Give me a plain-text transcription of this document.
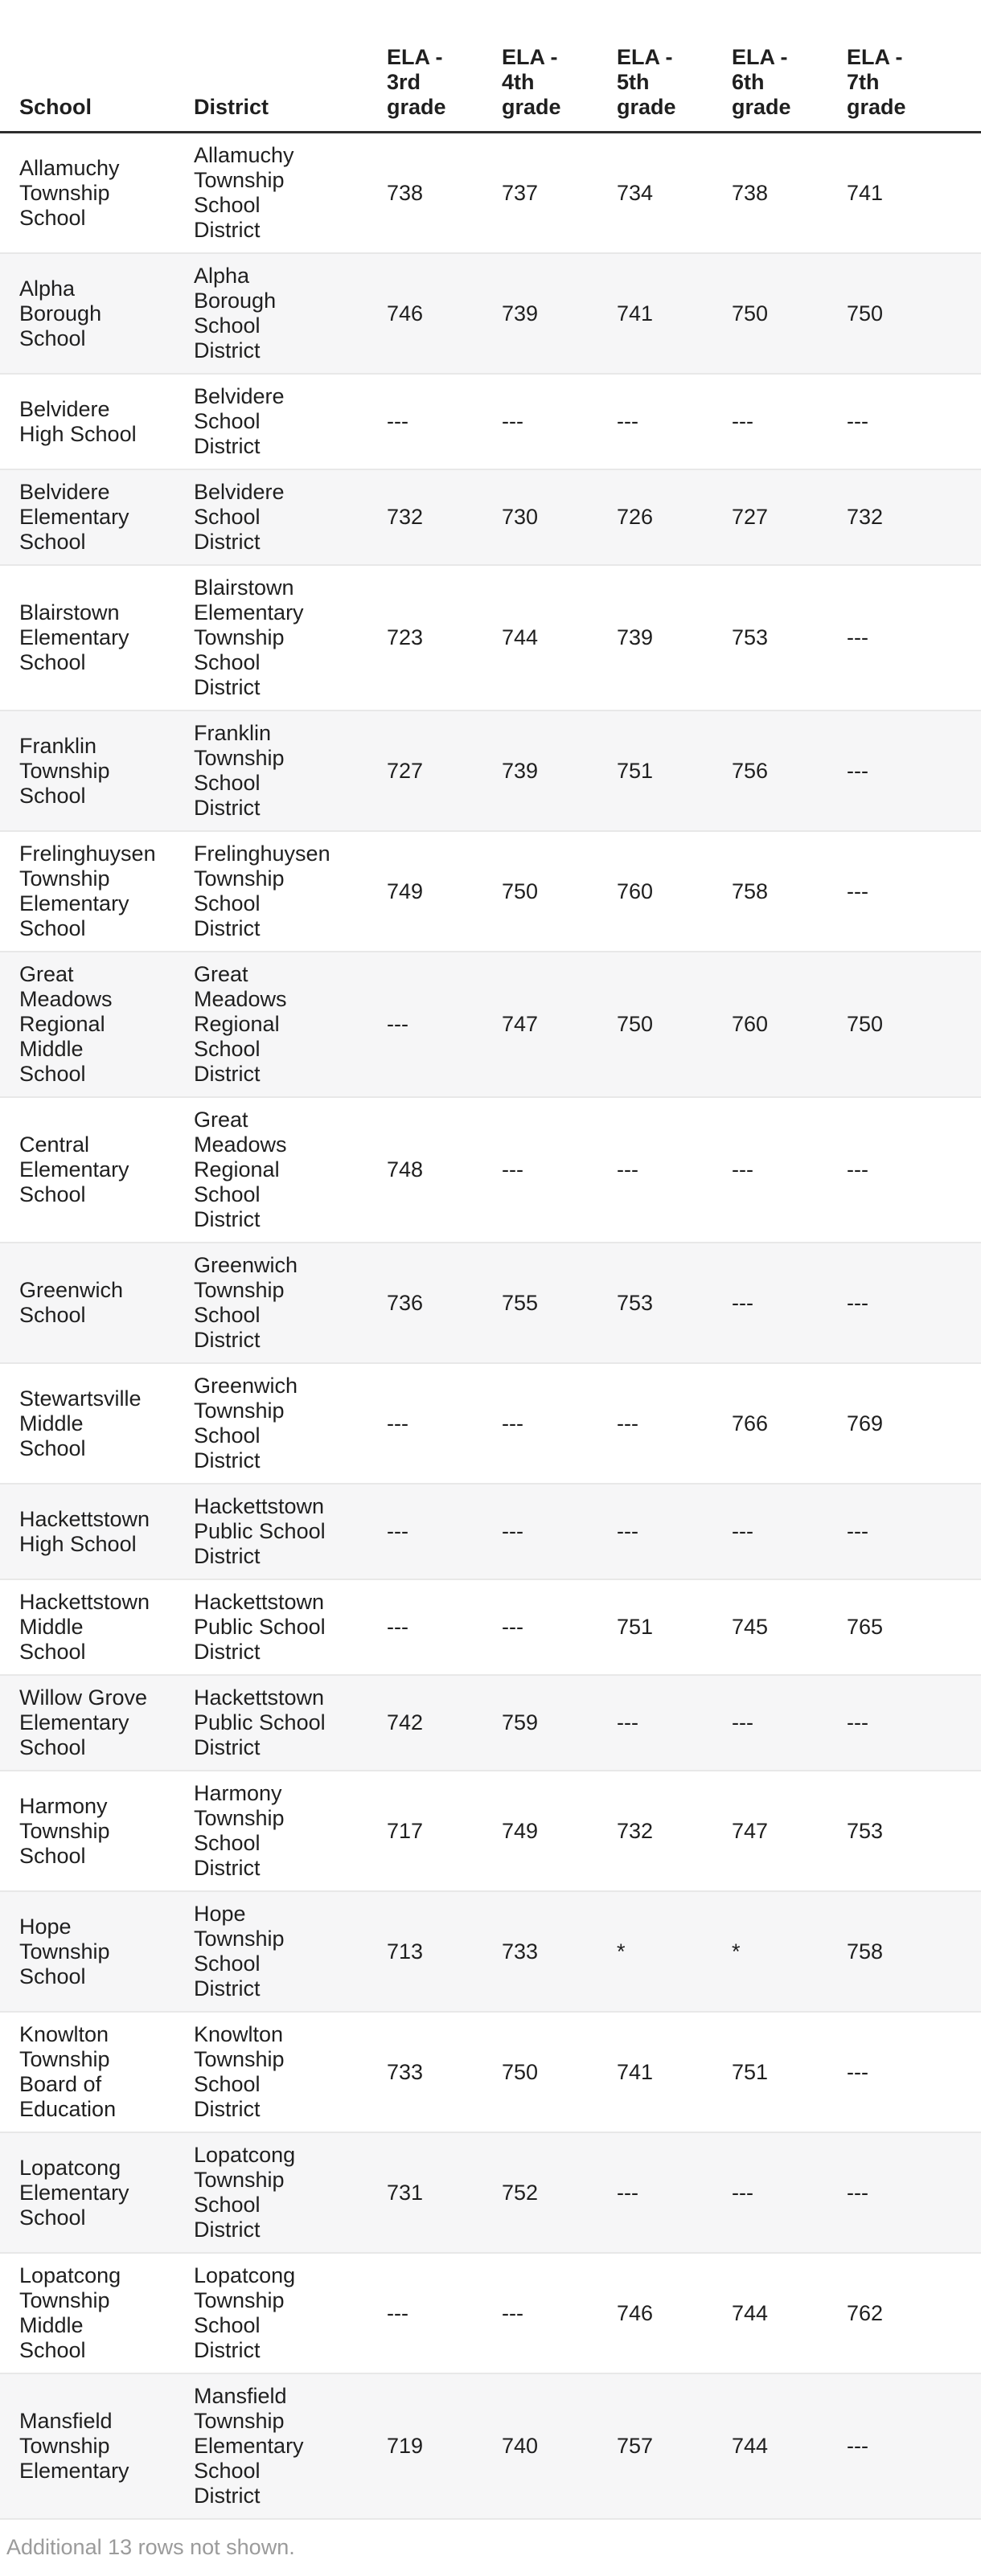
School	District	ELA - 3rd grade	ELA - 4th grade	ELA - 5th grade	ELA - 6th grade	ELA - 7th grade
Allamuchy Township School	Allamuchy Township School District	738	737	734	738	741
Alpha Borough School	Alpha Borough School District	746	739	741	750	750
Belvidere High School	Belvidere School District	---	---	---	---	---
Belvidere Elementary School	Belvidere School District	732	730	726	727	732
Blairstown Elementary School	Blairstown Elementary Township School District	723	744	739	753	---
Franklin Township School	Franklin Township School District	727	739	751	756	---
Frelinghuysen Township Elementary School	Frelinghuysen Township School District	749	750	760	758	---
Great Meadows Regional Middle School	Great Meadows Regional School District	---	747	750	760	750
Central Elementary School	Great Meadows Regional School District	748	---	---	---	---
Greenwich School	Greenwich Township School District	736	755	753	---	---
Stewartsville Middle School	Greenwich Township School District	---	---	---	766	769
Hackettstown High School	Hackettstown Public School District	---	---	---	---	---
Hackettstown Middle School	Hackettstown Public School District	---	---	751	745	765
Willow Grove Elementary School	Hackettstown Public School District	742	759	---	---	---
Harmony Township School	Harmony Township School District	717	749	732	747	753
Hope Township School	Hope Township School District	713	733	*	*	758
Knowlton Township Board of Education	Knowlton Township School District	733	750	741	751	---
Lopatcong Elementary School	Lopatcong Township School District	731	752	---	---	---
Lopatcong Township Middle School	Lopatcong Township School District	---	---	746	744	762
Mansfield Township Elementary	Mansfield Township Elementary School District	719	740	757	744	---

Additional 13 rows not shown.
